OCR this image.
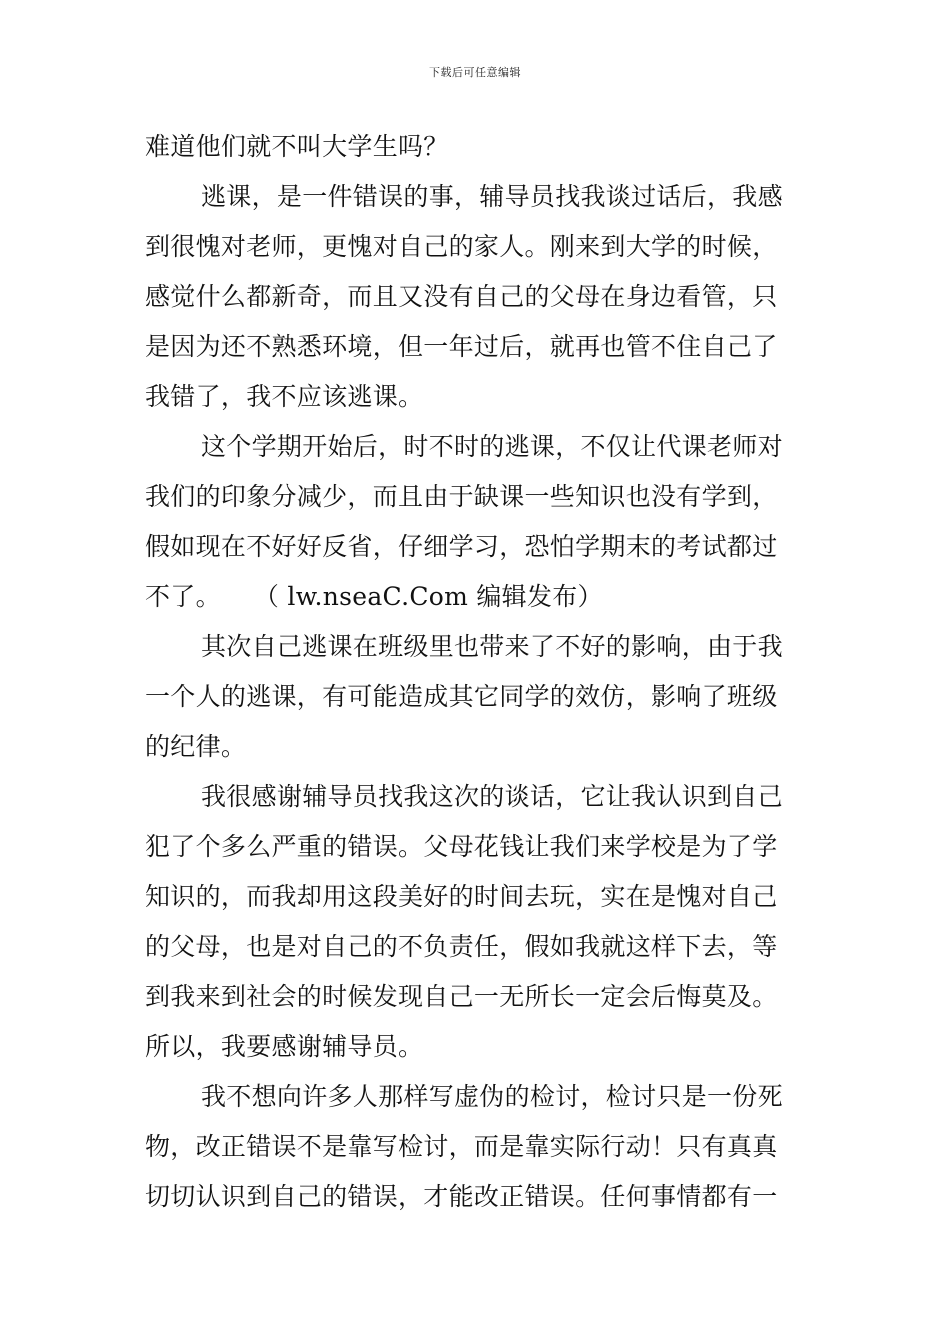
下载后可任意编辑
难道他们就不叫大学生吗？
逃课，是一件错误的事，辅导员找我谈过话后，我感
到很愧对老师，更愧对自己的家人。刚来到大学的时候，
感觉什么都新奇，而且又没有自己的父母在身边看管，只
是因为还不熟悉环境，但一年过后，就再也管不住自己了
我错了，我不应该逃课。
这个学期开始后，时不时的逃课，不仅让代课老师对
我们的印象分减少，而且由于缺课一些知识也没有学到，
假如现在不好好反省，仔细学习，恐怕学期末的考试都过
不了。    （ lw.nseaC.Com 编辑发布）
其次自己逃课在班级里也带来了不好的影响，由于我
一个人的逃课，有可能造成其它同学的效仿，影响了班级
的纪律。
我很感谢辅导员找我这次的谈话，它让我认识到自己
犯了个多么严重的错误。父母花钱让我们来学校是为了学
知识的，而我却用这段美好的时间去玩，实在是愧对自己
的父母，也是对自己的不负责任，假如我就这样下去，等
到我来到社会的时候发现自己一无所长一定会后悔莫及。
所以，我要感谢辅导员。
我不想向许多人那样写虚伪的检讨，检讨只是一份死
物，改正错误不是靠写检讨，而是靠实际行动！只有真真
切切认识到自己的错误，才能改正错误。任何事情都有一
